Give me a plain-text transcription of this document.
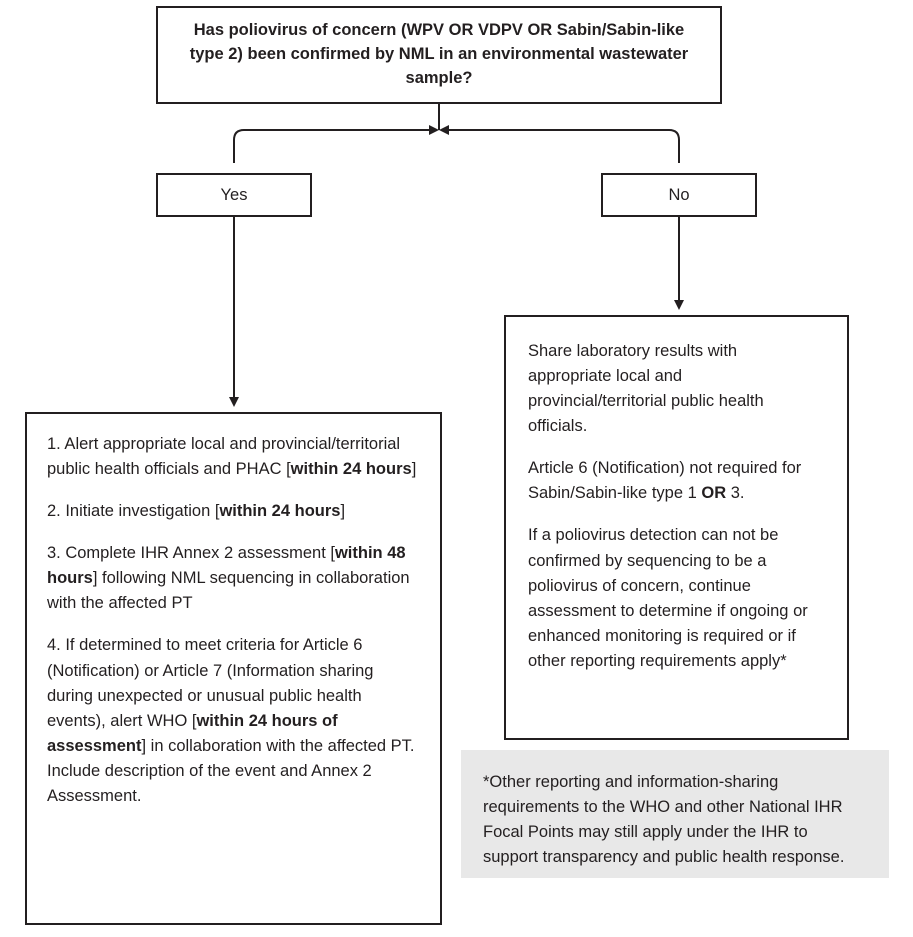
Has poliovirus of concern (WPV OR VDPV OR Sabin/Sabin-like type 2) been confirmed by NML in an environmental wastewater sample?
Yes	No
1. Alert appropriate local and provincial/territorial public health officials and PHAC [within 24 hours]
2. Initiate investigation [within 24 hours]
3. Complete IHR Annex 2 assessment [within 48 hours] following NML sequencing in collaboration with the affected PT
4. If determined to meet criteria for Article 6 (Notification) or Article 7 (Information sharing during unexpected or unusual public health events), alert WHO [within 24 hours of assessment] in collaboration with the affected PT. Include description of the event and Annex 2 Assessment.
Share laboratory results with appropriate local and provincial/territorial public health officials.
Article 6 (Notification) not required for Sabin/Sabin-like type 1 OR 3.
If a poliovirus detection can not be confirmed by sequencing to be a poliovirus of concern, continue assessment to determine if ongoing or enhanced monitoring is required or if other reporting requirements apply*
*Other reporting and information-sharing requirements to the WHO and other National IHR Focal Points may still apply under the IHR to support transparency and public health response.
